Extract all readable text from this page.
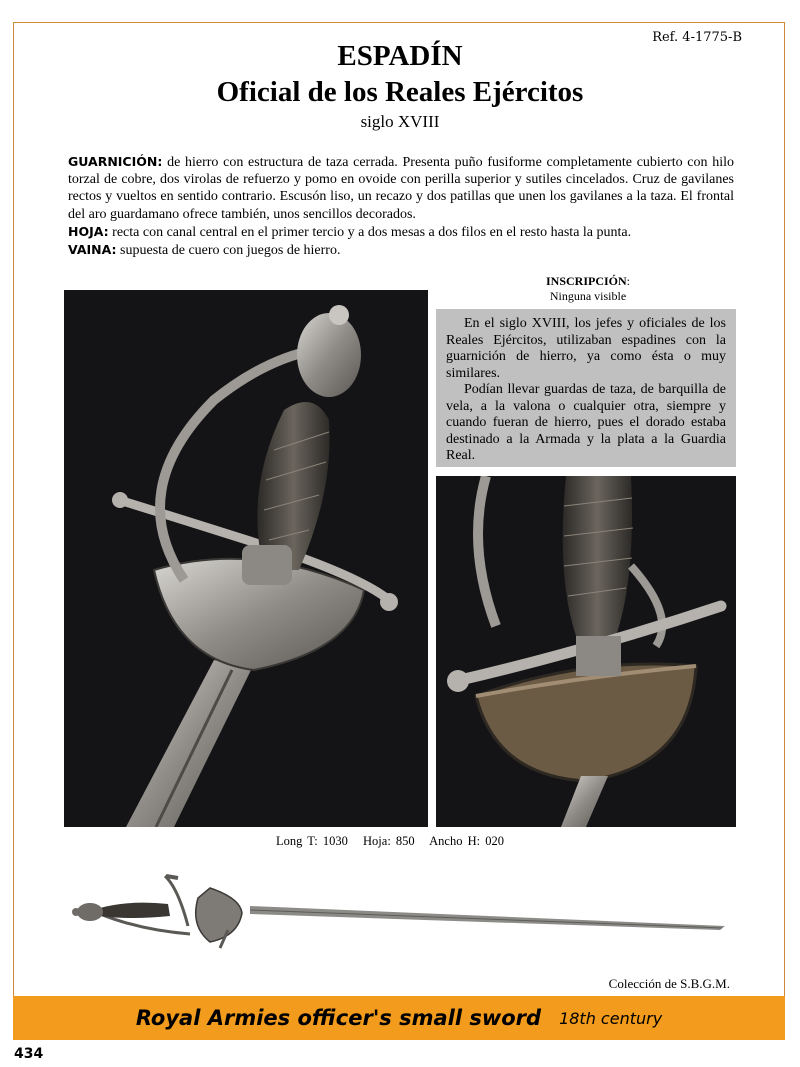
Ref. 4-1775-B
ESPADÍN
Oficial de los Reales Ejércitos
siglo XVIII

GUARNICIÓN: de hierro con estructura de taza cerrada. Presenta puño fusiforme completamente cubierto con hilo torzal de cobre, dos virolas de refuerzo y pomo en ovoide con perilla superior y sutiles cincelados. Cruz de gavilanes rectos y vueltos en sentido contrario. Escusón liso, un recazo y dos patillas que unen los gavilanes a la taza. El frontal del aro guardamano ofrece también, unos sencillos decorados.

HOJA: recta con canal central en el primer tercio y a dos mesas a dos filos en el resto hasta la punta.

VAINA: supuesta de cuero con juegos de hierro.

INSCRIPCIÓN:
Ninguna visible

En el siglo XVIII, los jefes y oficiales de los Reales Ejércitos, utilizaban espadines con la guarnición de hierro, ya como ésta o muy similares.

Podían llevar guardas de taza, de barquilla de vela, a la valona o cualquier otra, siempre y cuando fueran de hierro, pues el dorado estaba destinado a la Armada y la plata a la Guardia Real.

Long T: 1030 Hoja: 850 Ancho H: 020
Colección de S.B.G.M.
Royal Armies officer's small sword 18th century
434
